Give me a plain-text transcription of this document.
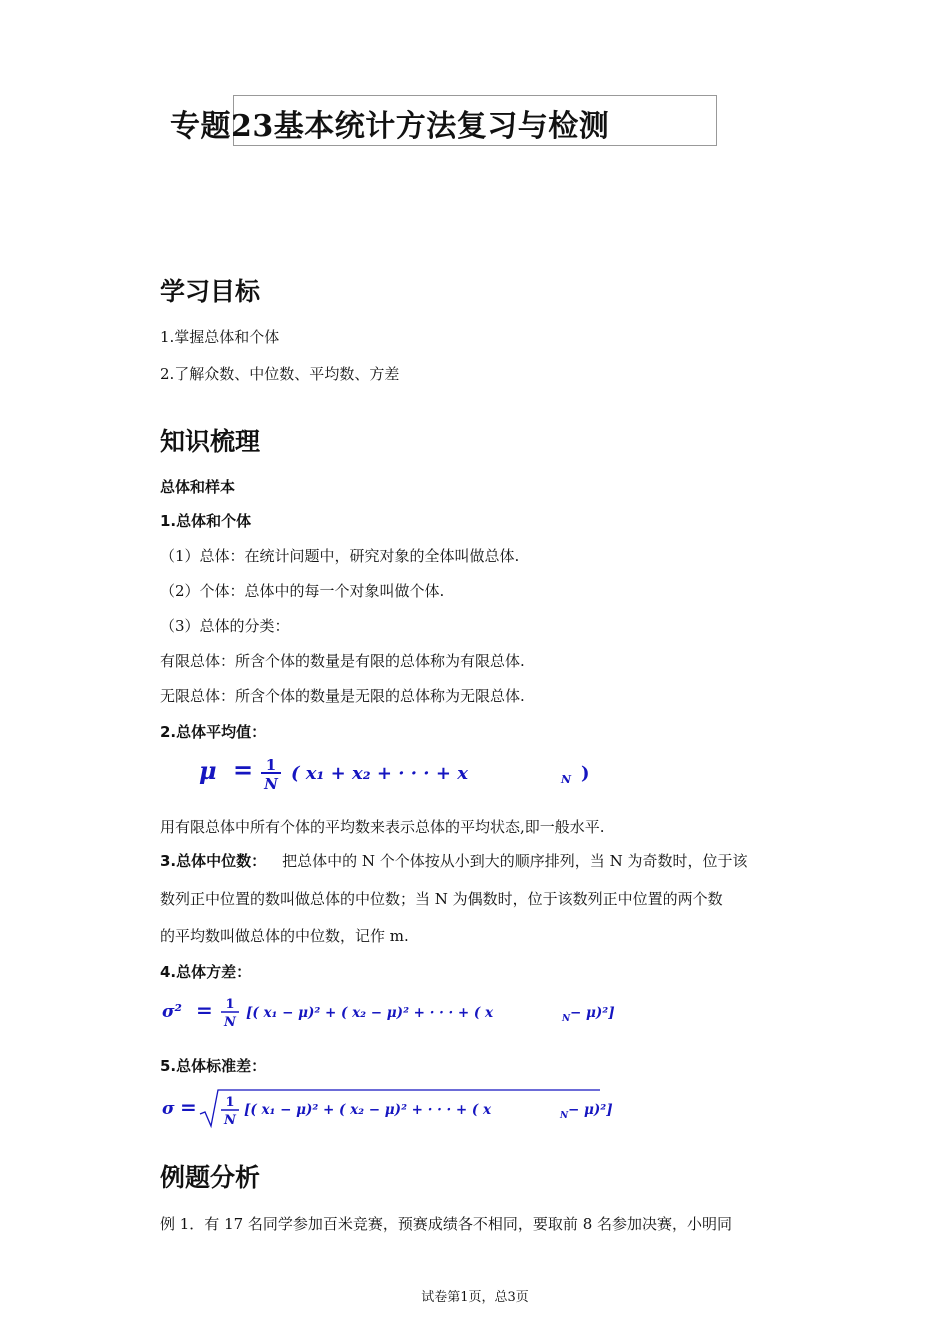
专题23基本统计方法复习与检测
学习目标
1.掌握总体和个体
2.了解众数、中位数、平均数、方差
知识梳理
总体和样本
1.总体和个体
（1）总体：在统计问题中，研究对象的全体叫做总体.
（2）个体：总体中的每一个对象叫做个体.
（3）总体的分类：
有限总体：所含个体的数量是有限的总体称为有限总体.
无限总体：所含个体的数量是无限的总体称为无限总体.
2.总体平均值：
μ = 1
N ( x₁ + x₂ + · · · + x	N )
用有限总体中所有个体的平均数来表示总体的平均状态,即一般水平.
3.总体中位数： 把总体中的 N 个个体按从小到大的顺序排列，当 N 为奇数时，位于该
数列正中位置的数叫做总体的中位数；当 N 为偶数时，位于该数列正中位置的两个数
的平均数叫做总体的中位数，记作 m.
4.总体方差：
σ² = 1
N
[( x₁ − μ)² + ( x₂ − μ)² + · · · + ( x	N − μ)²]
5.总体标准差：
σ = 1
N
[( x₁ − μ)² + ( x₂ − μ)² + · · · + ( x	N − μ)²]
例题分析
例 1．有 17 名同学参加百米竞赛，预赛成绩各不相同，要取前 8 名参加决赛，小明同
试卷第1页，总3页
